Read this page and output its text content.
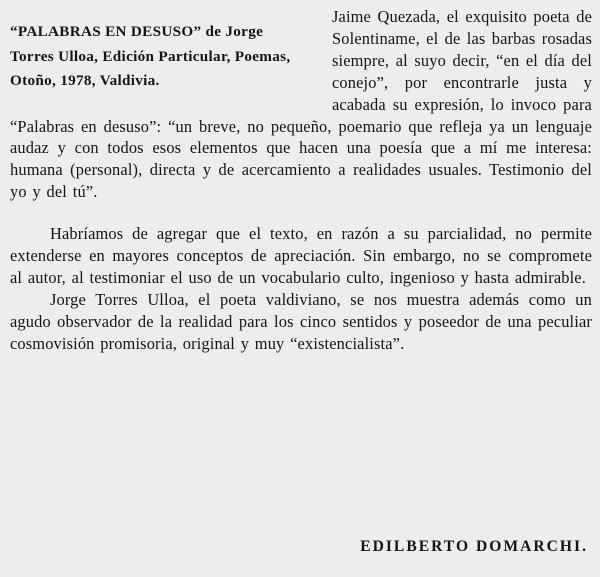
“PALABRAS EN DESUSO” de Jorge Torres Ulloa, Edición Particular, Poemas, Otoño, 1978, Valdivia.

Jaime Quezada, el exquisito poeta de Solentiname, el de las barbas rosadas siempre, al suyo decir, “en el día del conejo”, por encontrarle justa y acabada su expresión, lo invoco para “Palabras en desuso”: “un breve, no pequeño, poemario que refleja ya un lenguaje audaz y con todos esos elementos que hacen una poesía que a mí me interesa: humana (personal), directa y de acercamiento a realidades usuales. Testimonio del yo y del tú”.

Habríamos de agregar que el texto, en razón a su parcialidad, no permite extenderse en mayores conceptos de apreciación. Sin embargo, no se compromete al autor, al testimoniar el uso de un vocabulario culto, ingenioso y hasta admirable.

Jorge Torres Ulloa, el poeta valdiviano, se nos muestra además como un agudo observador de la realidad para los cinco sentidos y poseedor de una peculiar cosmovisión promisoria, original y muy “existencialista”.

EDILBERTO DOMARCHI.
